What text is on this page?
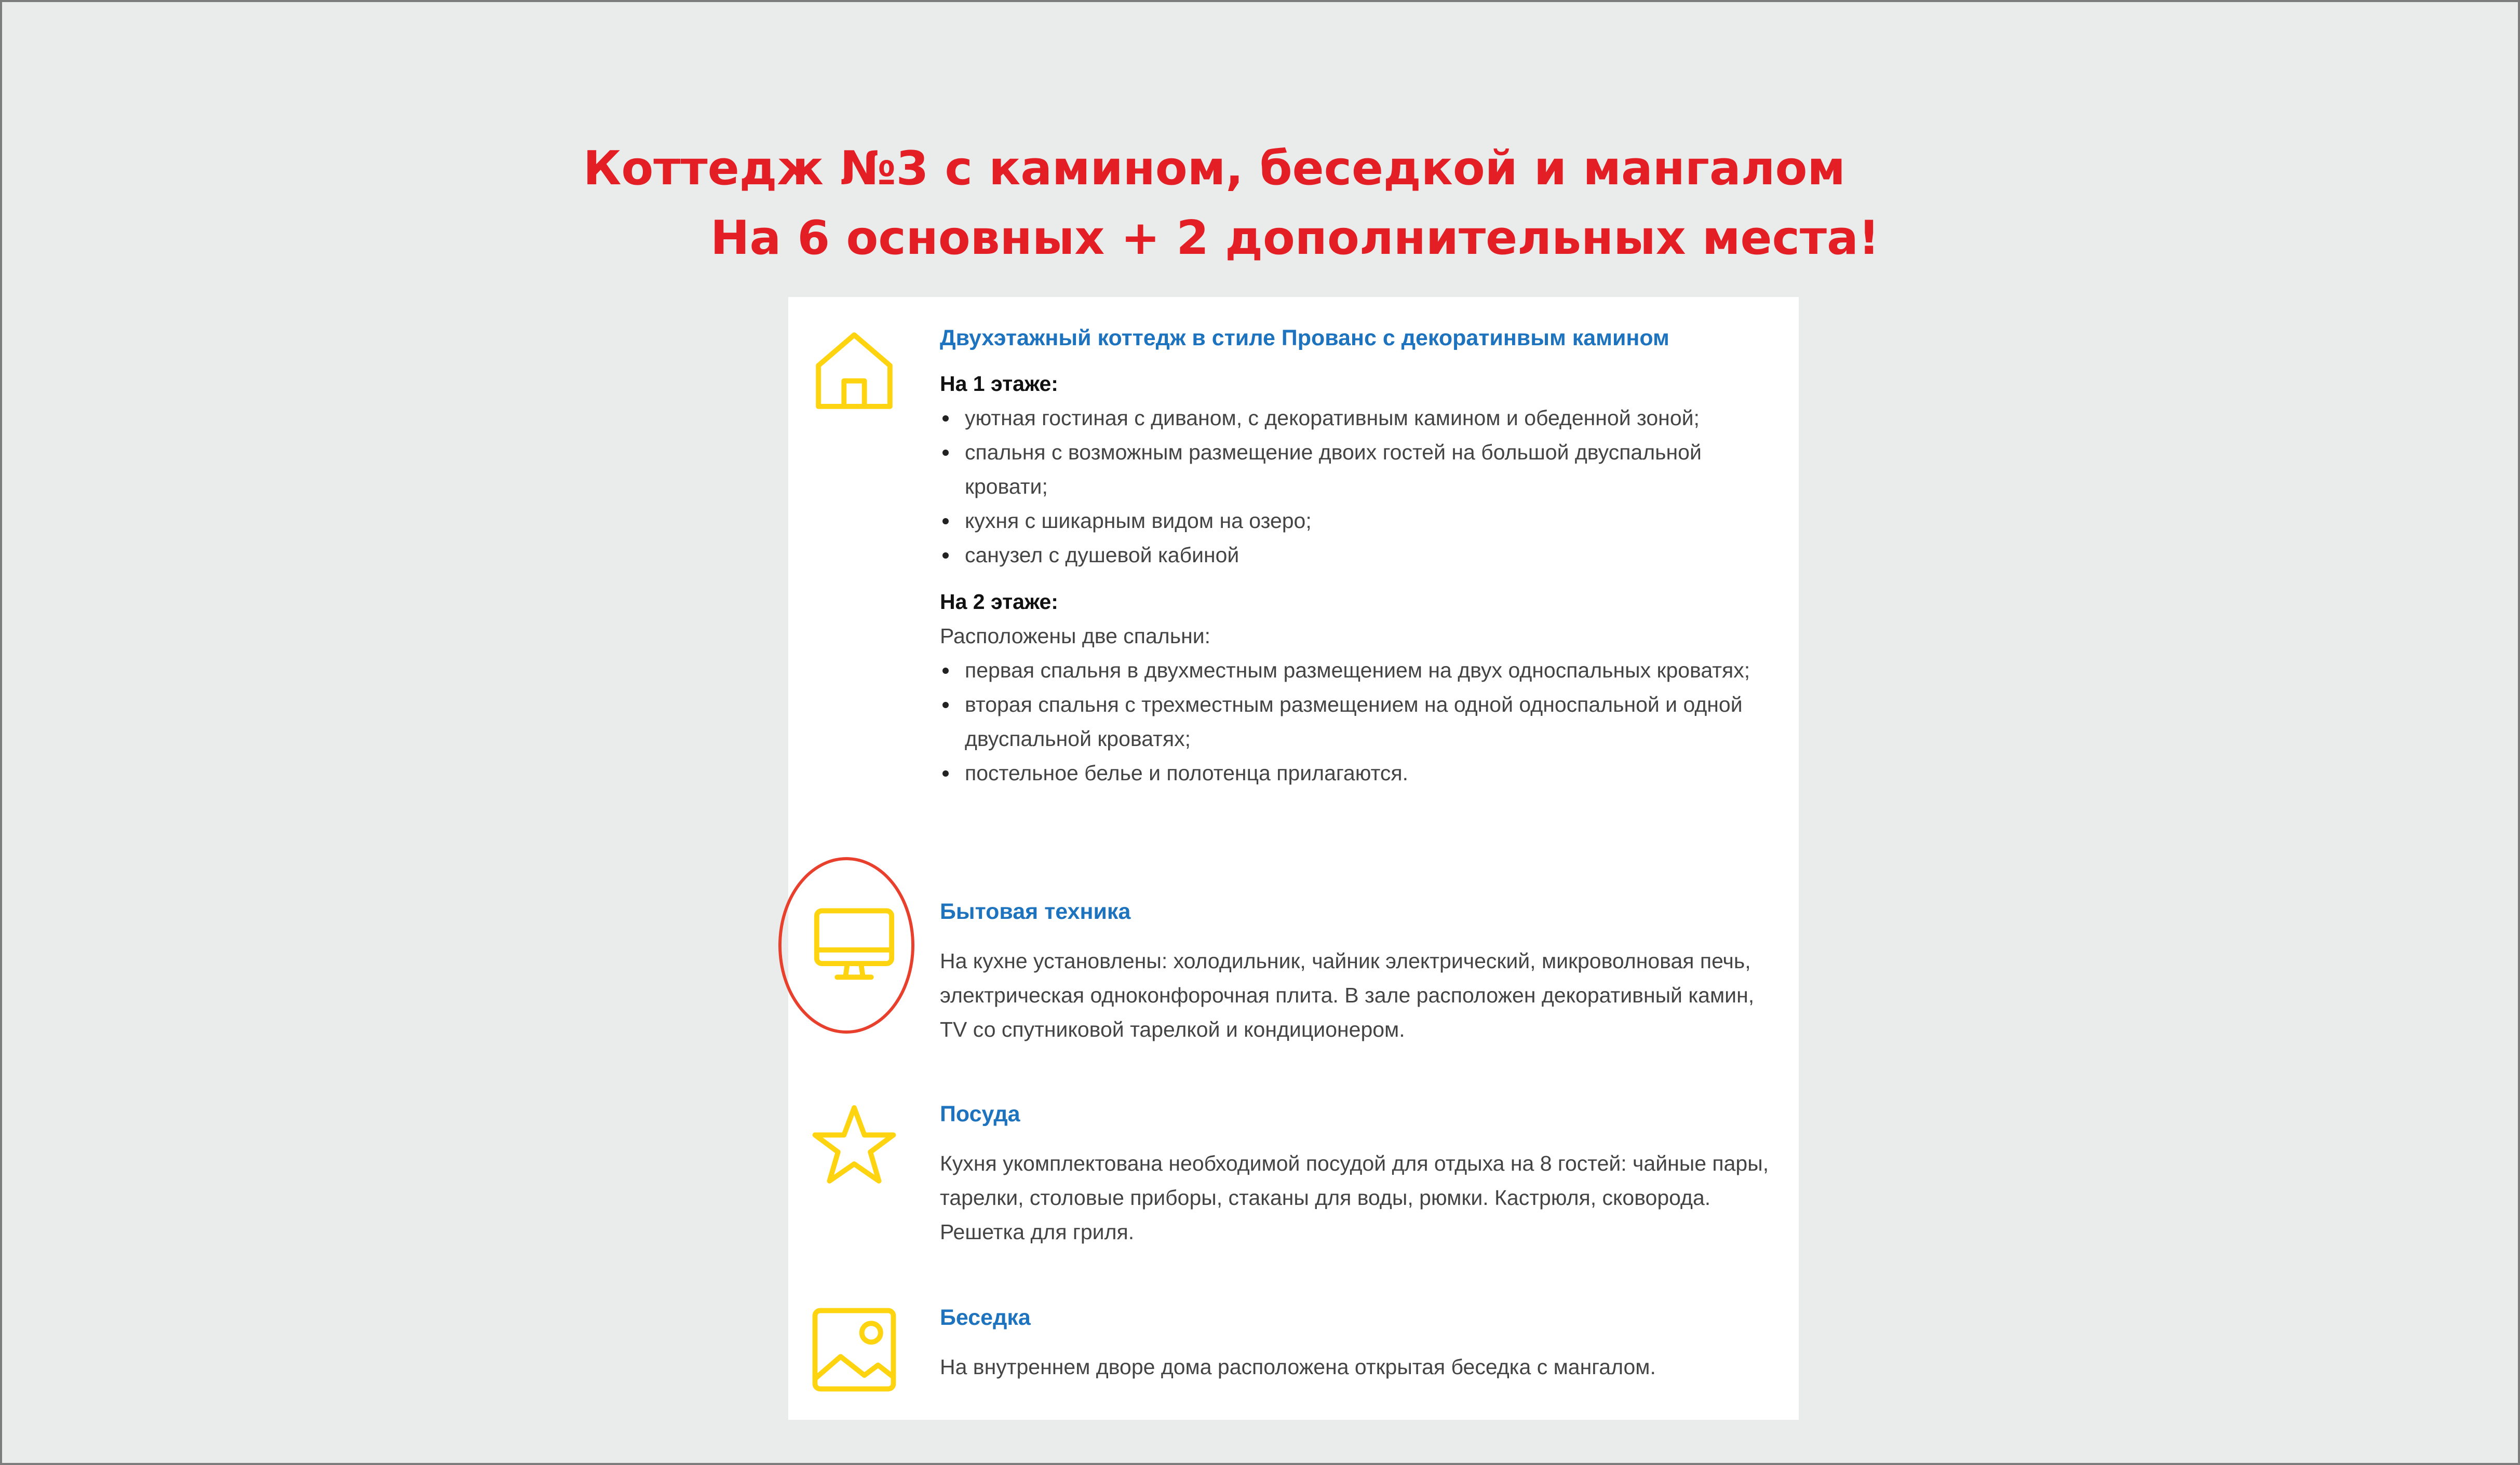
Коттедж №3 с камином, беседкой и мангалом
На 6 основных + 2 дополнительных места!
Двухэтажный коттедж в стиле Прованс с декоратинвым камином
На 1 этаже:
уютная гостиная с диваном, с декоративным камином и обеденной зоной;
спальня с возможным размещение двоих гостей на большой двуспальной кровати;
кухня с шикарным видом на озеро;
санузел с душевой кабиной
На 2 этаже:
Расположены две спальни:
первая спальня в двухместным размещением на двух односпальных кроватях;
вторая спальня с трехместным размещением на одной односпальной и одной двуспальной кроватях;
постельное белье и полотенца прилагаются.
Бытовая техника
На кухне установлены: холодильник, чайник электрический, микроволновая печь, электрическая одноконфорочная плита. В зале расположен декоративный камин, TV со спутниковой тарелкой и кондиционером.
Посуда
Кухня укомплектована необходимой посудой для отдыха на 8 гостей: чайные пары, тарелки, столовые приборы, стаканы для воды, рюмки. Кастрюля, сковорода. Решетка для гриля.
Беседка
На внутреннем дворе дома расположена открытая беседка с мангалом.
